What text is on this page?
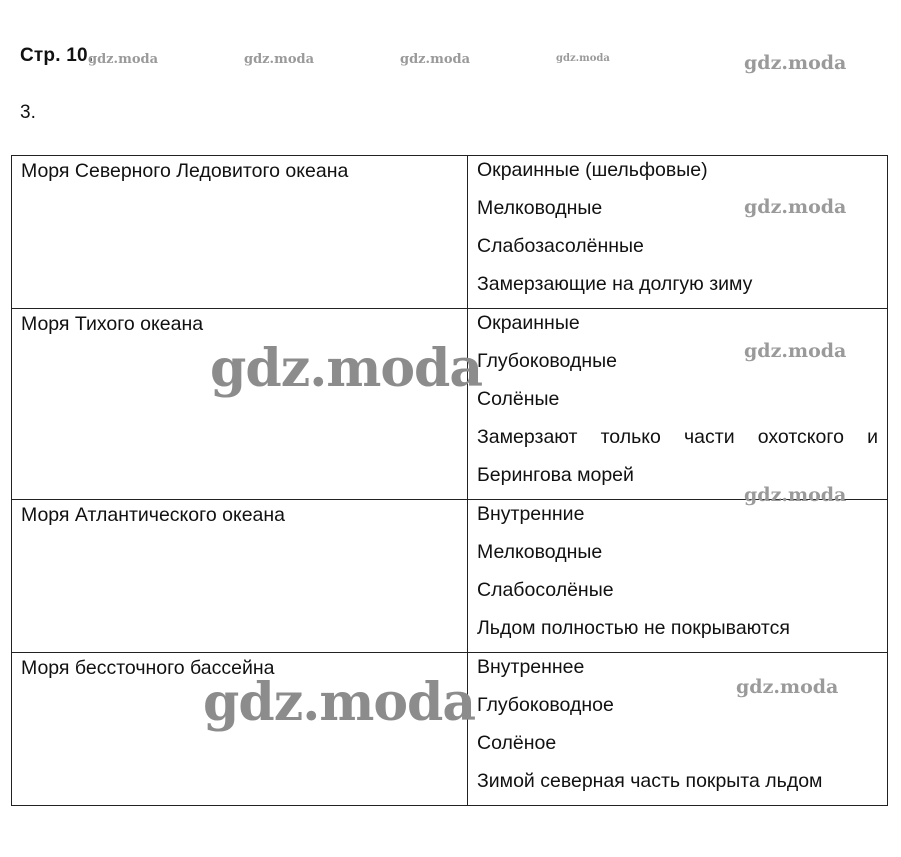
Стр. 10.
3.
Моря Северного Ледовитого океана	Окраинные (шельфовые)
Мелководные
Слабозасолённые
Замерзающие на долгую зиму

Моря Тихого океана	Окраинные
Глубоководные
Солёные
Замерзают только части охотского и
Берингова морей

Моря Атлантического океана	Внутренние
Мелководные
Слабосолёные
Льдом полностью не покрываются

Моря бессточного бассейна	Внутреннее
Глубоководное
Солёное
Зимой северная часть покрыта льдом
gdz.moda	gdz.moda	gdz.moda	gdz.moda	gdz.moda
gdz.moda
gdz.moda
gdz.moda
gdz.moda
gdz.moda
gdz.moda
